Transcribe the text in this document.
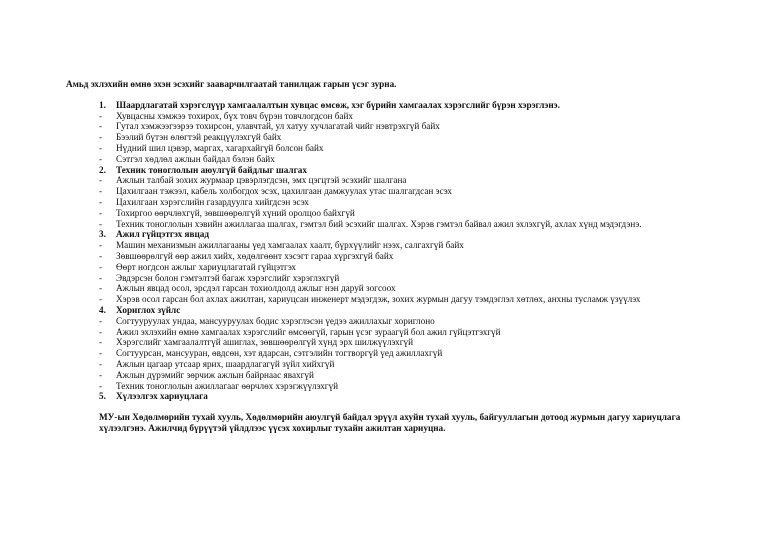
Амьд эхлэхийн өмнө эхэн эсэхийг зааварчилгаатай танилцаж гарын үсэг зурна.
1.	Шаардлагатай хэрэгслүүр хамгаалалтын хувцас өмсөж, хэг бүрийн хамгаалах хэрэгслийг бүрэн хэрэглэнэ.
-	Хувцасны хэмжээ тохирох, бүх товч бүрэн товчлогдсон байх
-	Гутал хэмжээгээрээ тохирсон, улавчтай, ул хатуу хучлагатай чийг нэвтрэхгүй байх
-	Бээлий бүтэн өлөгтэй реакцүүлэхгүй байх
-	Нүдний шил цэвэр, маргах, хагархайгүй болсон байх
-	Сэтгэл хөдлөл ажлын байдал бэлэн байх
2.	Техник тоноглолын аюулгүй байдлыг шалгах
-	Ажлын талбай зохих журмаар цэвэрлэгдсэн, эмх цэгцтэй эсэхийг шалгана
-	Цахилгаан тэжээл, кабель холбогдох эсэх, цахилгаан дамжуулах утас шалгагдсан эсэх
-	Цахилгаан хэрэгслийн газардуулга хийгдсэн эсэх
-	Тохиргоо өөрчлөхгүй, зөвшөөрөлгүй хүний оролцоо байхгүй
-	Техник тоноглолын хэвийн ажиллагаа шалгах, гэмтэл бий эсэхийг шалгах. Хэрэв гэмтэл байвал ажил эхлэхгүй, ахлах хүнд мэдэгдэнэ.
3.	Ажил гүйцэтгэх явцад
-	Машин механизмын ажиллагааны үед хамгаалах хаалт, бүрхүүлийг нээх, салгахгүй байх
-	Зөвшөөрөлгүй өөр ажил хийх, хөдөлгөөнт хэсэгт гараа хүргэхгүй байх
-	Өөрт ногдсон ажлыг хариуцлагатай гүйцэтгэх
-	Эвдэрсэн болон гэмтэлтэй багаж хэрэгслийг хэрэглэхгүй
-	Ажлын явцад осол, эрсдэл гарсан тохиолдолд ажлыг нэн даруй зогсоох
-	Хэрэв осол гарсан бол ахлах ажилтан, хариуцсан инженерт мэдэгдэж, зохих журмын дагуу тэмдэглэл хөтлөх, анхны тусламж үзүүлэх
4.	Хориглох зүйлс
-	Согтууруулах ундаа, мансууруулах бодис хэрэглэсэн үедээ ажиллахыг хориглоно
-	Ажил эхлэхийн өмнө хамгаалах хэрэгслийг өмсөөгүй, гарын үсэг зураагүй бол ажил гүйцэтгэхгүй
-	Хэрэгслийг хамгаалалтгүй ашиглах, зөвшөөрөлгүй хүнд эрх шилжүүлэхгүй
-	Согтуурсан, мансууран, өвдсөн, хэт ядарсан, сэтгэлийн тогтворгүй үед ажиллахгүй
-	Ажлын цагаар утсаар ярих, шаардлагагүй зүйл хийхгүй
-	Ажлын дүрэмийг зөрчиж ажлын байрнаас явахгүй
-	Техник тоноглолын ажиллагааг өөрчлөх хэрэгжүүлэхгүй
5.	Хүлээлгэх хариуцлага
МУ-ын Хөдөлмөрийн тухай хууль, Хөдөлмөрийн аюулгүй байдал эрүүл ахуйн тухай хууль, байгууллагын дотоод журмын дагуу хариуцлага хүлээлгэнэ. Ажилчид бүрүүтэй үйлдлээс үүсэх хохирлыг тухайн ажилтан хариуцна.
